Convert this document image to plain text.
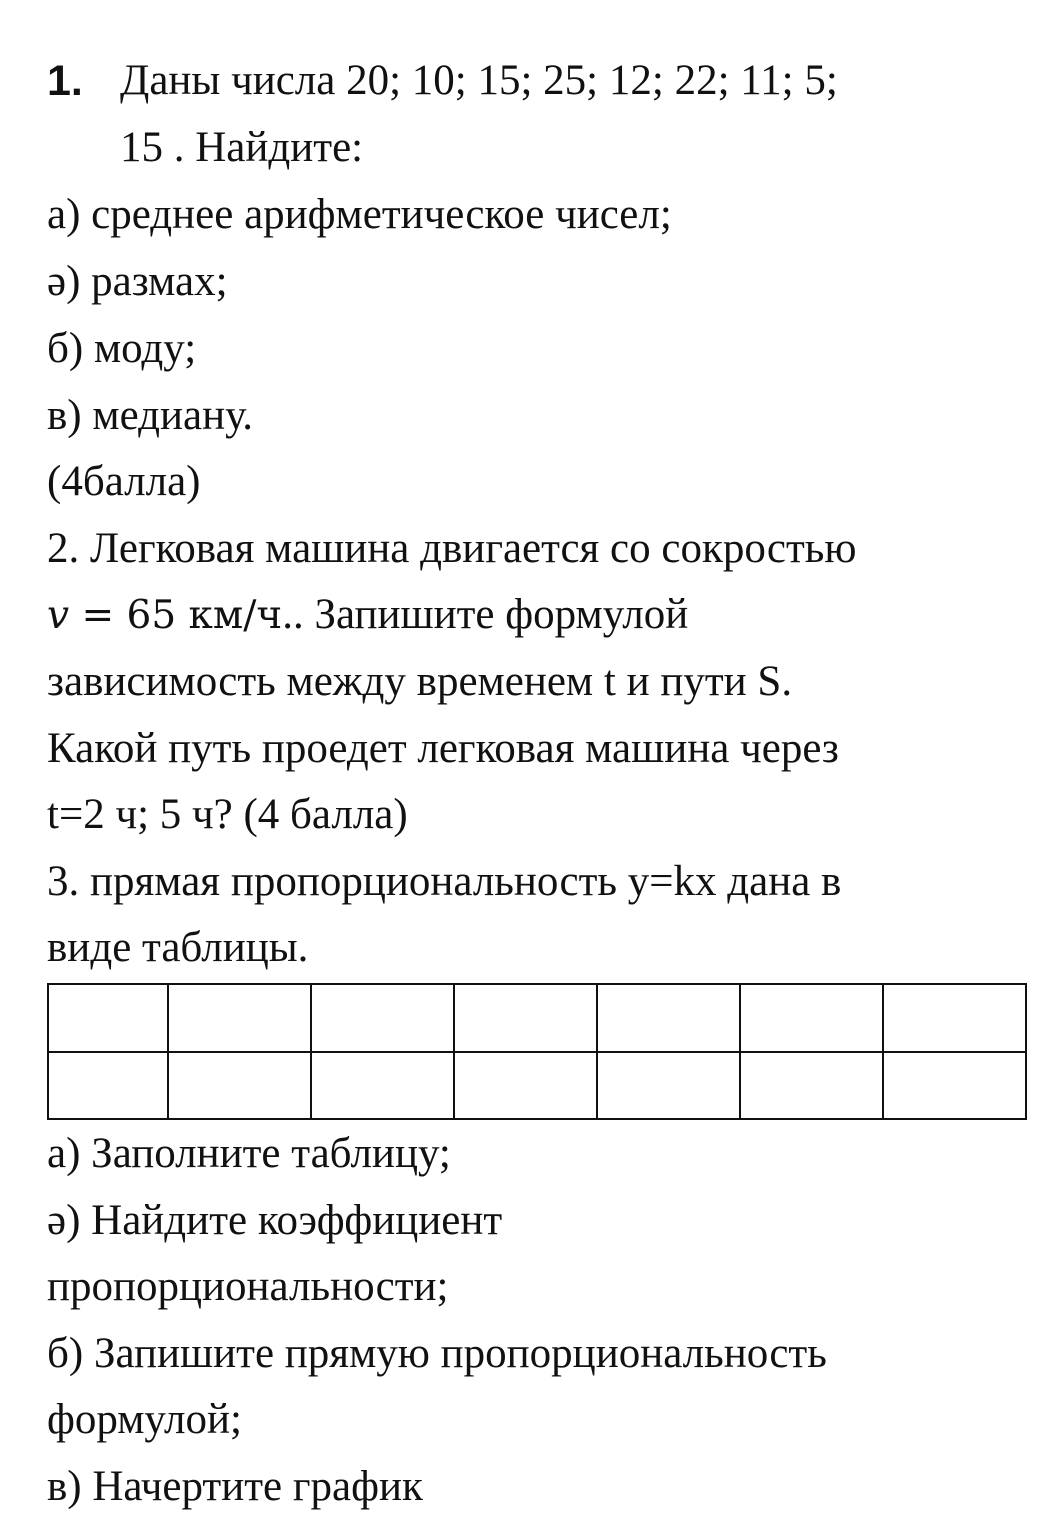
1. Даны числа 20; 10; 15; 25; 12; 22; 11; 5;
15 . Найдите:
а) среднее арифметическое чисел;
ә) размах;
б) моду;
в) медиану.
(4балла)
2. Легковая машина двигается со сокростью
v = 65 км/ч.. Запишите формулой
зависимость между временем t и пути S.
Какой путь проедет легковая машина через
t=2 ч; 5 ч? (4 балла)
3. прямая пропорциональность y=kx дана в
виде таблицы.

а) Заполните таблицу;
ә) Найдите коэффициент
пропорциональности;
б) Запишите прямую пропорциональность
формулой;
в) Начертите график
